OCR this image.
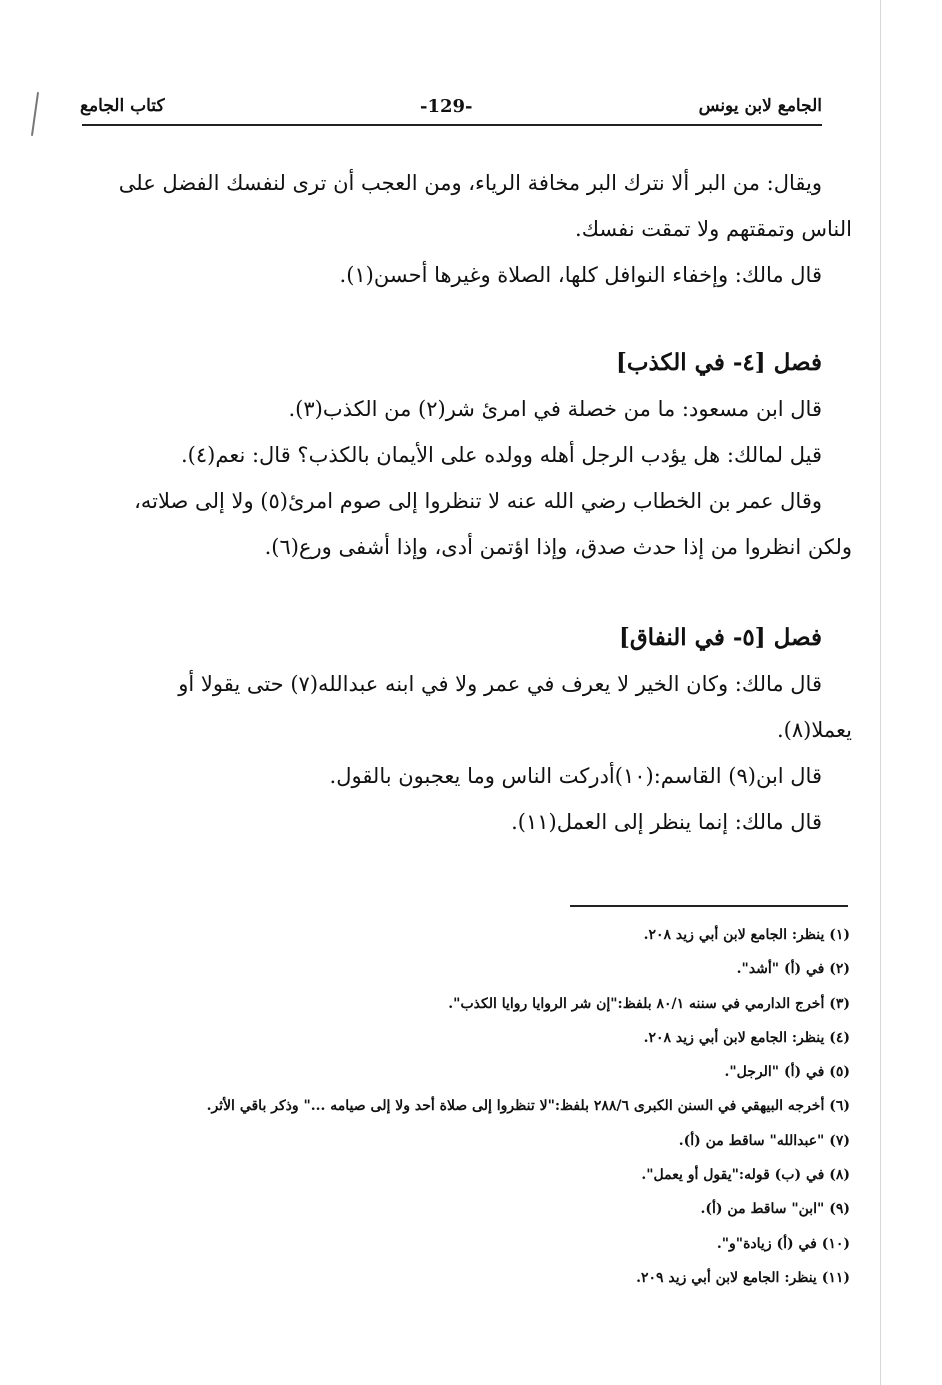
الجامع لابن يونس
-129-
كتاب الجامع
ويقال: من البر ألا نترك البر مخافة الرياء، ومن العجب أن ترى لنفسك الفضل على
الناس وتمقتهم ولا تمقت نفسك.
قال مالك: وإخفاء النوافل كلها، الصلاة وغيرها أحسن(١).
فصل [٤- في الكذب]
قال ابن مسعود: ما من خصلة في امرئ شر(٢) من الكذب(٣).
قيل لمالك: هل يؤدب الرجل أهله وولده على الأيمان بالكذب؟ قال: نعم(٤).
وقال عمر بن الخطاب رضي الله عنه لا تنظروا إلى صوم امرئ(٥) ولا إلى صلاته،
ولكن انظروا من إذا حدث صدق، وإذا اؤتمن أدى، وإذا أشفى ورع(٦).
فصل [٥- في النفاق]
قال مالك: وكان الخير لا يعرف في عمر ولا في ابنه عبدالله(٧) حتى يقولا أو
يعملا(٨).
قال ابن(٩) القاسم:(١٠)أدركت الناس وما يعجبون بالقول.
قال مالك: إنما ينظر إلى العمل(١١).
(١) ينظر: الجامع لابن أبي زيد ٢٠٨.
(٢) في (أ) "أشد".
(٣) أخرج الدارمي في سننه ٨٠/١ بلفظ:"إن شر الروايا روايا الكذب".
(٤) ينظر: الجامع لابن أبي زيد ٢٠٨.
(٥) في (أ) "الرجل".
(٦) أخرجه البيهقي في السنن الكبرى ٢٨٨/٦ بلفظ:"لا تنظروا إلى صلاة أحد ولا إلى صيامه ..." وذكر باقي الأثر.
(٧) "عبدالله" ساقط من (أ).
(٨) في (ب) قوله:"يقول أو يعمل".
(٩) "ابن" ساقط من (أ).
(١٠) في (أ) زيادة"و".
(١١) ينظر: الجامع لابن أبي زيد ٢٠٩.
